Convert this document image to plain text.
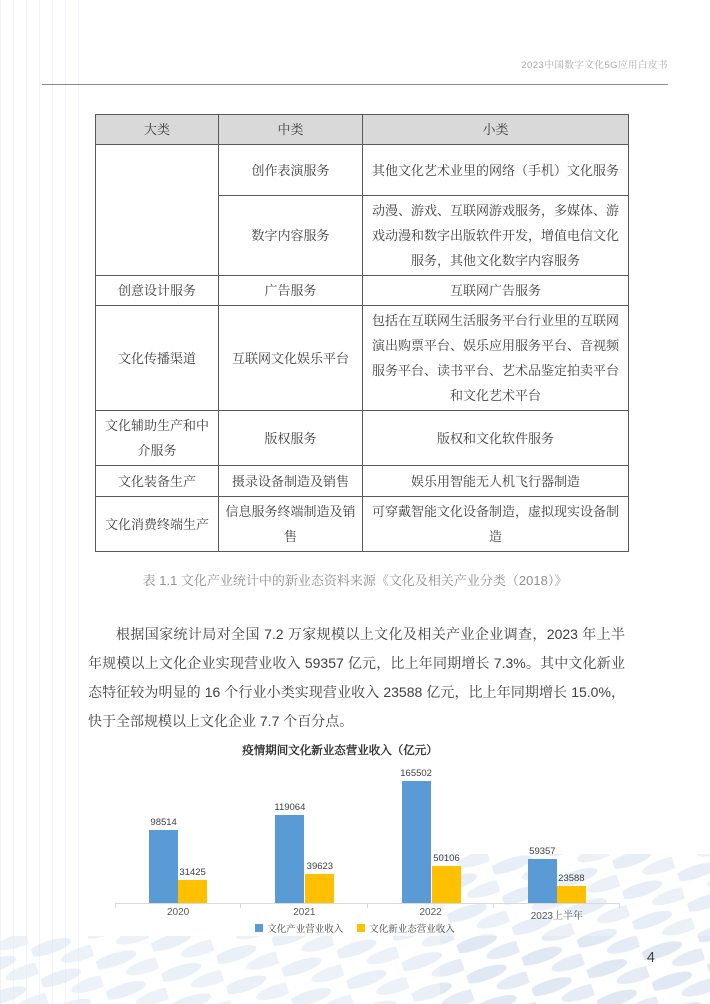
2023中国数字文化5G应用白皮书
大类	中类	小类
	创作表演服务	其他文化艺术业里的网络（手机）文化服务
	数字内容服务	动漫、游戏、互联网游戏服务，多媒体、游戏动漫和数字出版软件开发，增值电信文化服务，其他文化数字内容服务
创意设计服务	广告服务	互联网广告服务
文化传播渠道	互联网文化娱乐平台	包括在互联网生活服务平台行业里的互联网演出购票平台、娱乐应用服务平台、音视频服务平台、读书平台、艺术品鉴定拍卖平台和文化艺术平台
文化辅助生产和中介服务	版权服务	版权和文化软件服务
文化装备生产	摄录设备制造及销售	娱乐用智能无人机飞行器制造
文化消费终端生产	信息服务终端制造及销售	可穿戴智能文化设备制造，虚拟现实设备制造
表 1.1 文化产业统计中的新业态资料来源《文化及相关产业分类（2018）》
根据国家统计局对全国 7.2 万家规模以上文化及相关产业企业调查，2023 年上半年规模以上文化企业实现营业收入 59357 亿元，比上年同期增长 7.3%。其中文化新业态特征较为明显的 16 个行业小类实现营业收入 23588 亿元，比上年同期增长 15.0%，快于全部规模以上文化企业 7.7 个百分点。
疫情期间文化新业态营业收入（亿元）
98514
31425
119064
39623
165502
50106
59357
23588
2020	2021	2022	2023上半年
文化产业营业收入	文化新业态营业收入
4
